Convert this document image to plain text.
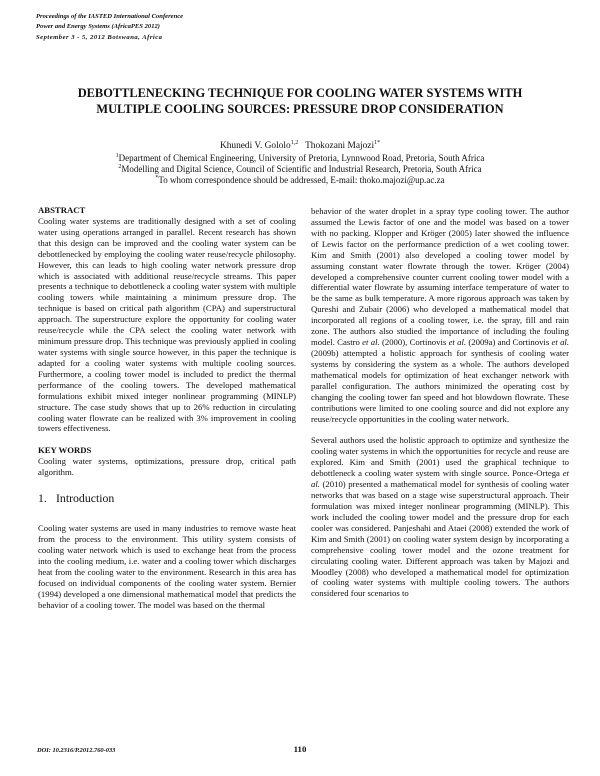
Proceedings of the IASTED International Conference
Power and Energy Systems (AfricaPES 2012)
September 3 - 5, 2012 Botswana, Africa
DEBOTTLENECKING TECHNIQUE FOR COOLING WATER SYSTEMS WITH MULTIPLE COOLING SOURCES: PRESSURE DROP CONSIDERATION
Khunedi V. Gololo$^{1,2}$ Thokozani Majozi$^{1*}$
$^1$Department of Chemical Engineering, University of Pretoria, Lynnwood Road, Pretoria, South Africa
$^2$Modelling and Digital Science, Council of Scientific and Industrial Research, Pretoria, South Africa
*To whom correspondence should be addressed, E-mail: thoko.majozi@up.ac.za
ABSTRACT

Cooling water systems are traditionally designed with a set of cooling water using operations arranged in parallel. Recent research has shown that this design can be improved and the cooling water system can be debottlenecked by employing the cooling water reuse/recycle philosophy. However, this can leads to high cooling water network pressure drop which is associated with additional reuse/recycle streams. This paper presents a technique to debottleneck a cooling water system with multiple cooling towers while maintaining a minimum pressure drop. The technique is based on critical path algorithm (CPA) and superstructural approach. The superstructure explore the opportunity for cooling water reuse/recycle while the CPA select the cooling water network with minimum pressure drop. This technique was previously applied in cooling water systems with single source however, in this paper the technique is adapted for a cooling water systems with multiple cooling sources. Furthermore, a cooling tower model is included to predict the thermal performance of the cooling towers. The developed mathematical formulations exhibit mixed integer nonlinear programming (MINLP) structure. The case study shows that up to 26% reduction in circulating cooling water flowrate can be realized with 3% improvement in cooling towers effectiveness.

KEY WORDS

Cooling water systems, optimizations, pressure drop, critical path algorithm.

1. Introduction

Cooling water systems are used in many industries to remove waste heat from the process to the environment. This utility system consists of cooling water network which is used to exchange heat from the process into the cooling medium, i.e. water and a cooling tower which discharges heat from the cooling water to the environment. Research in this area has focused on individual components of the cooling water system. Bernier (1994) developed a one dimensional mathematical model that predicts the behavior of a cooling tower. The model was based on the thermal

behavior of the water droplet in a spray type cooling tower. The author assumed the Lewis factor of one and the model was based on a tower with no packing. Klopper and Kröger (2005) later showed the influence of Lewis factor on the performance prediction of a wet cooling tower. Kim and Smith (2001) also developed a cooling tower model by assuming constant water flowrate through the tower. Kröger (2004) developed a comprehensive counter current cooling tower model with a differential water flowrate by assuming interface temperature of water to be the same as bulk temperature. A more rigorous approach was taken by Qureshi and Zubair (2006) who developed a mathematical model that incorporated all regions of a cooling tower, i.e. the spray, fill and rain zone. The authors also studied the importance of including the fouling model. Castro et al. (2000), Cortinovis et al. (2009a) and Cortinovis et al. (2009b) attempted a holistic approach for synthesis of cooling water systems by considering the system as a whole. The authors developed mathematical models for optimization of heat exchanger network with parallel configuration. The authors minimized the operating cost by changing the cooling tower fan speed and hot blowdown flowrate. These contributions were limited to one cooling source and did not explore any reuse/recycle opportunities in the cooling water network.

Several authors used the holistic approach to optimize and synthesize the cooling water systems in which the opportunities for recycle and reuse are explored. Kim and Smith (2001) used the graphical technique to debottleneck a cooling water system with single source. Ponce-Ortega et al. (2010) presented a mathematical model for synthesis of cooling water networks that was based on a stage wise superstructural approach. Their formulation was mixed integer nonlinear programming (MINLP). This work included the cooling tower model and the pressure drop for each cooler was considered. Panjeshahi and Ataei (2008) extended the work of Kim and Smith (2001) on cooling water system design by incorporating a comprehensive cooling tower model and the ozone treatment for circulating cooling water. Different approach was taken by Majozi and Moodley (2008) who developed a mathematical model for optimization of cooling water systems with multiple cooling towers. The authors considered four scenarios to

DOI: 10.2316/P.2012.760-033	110
